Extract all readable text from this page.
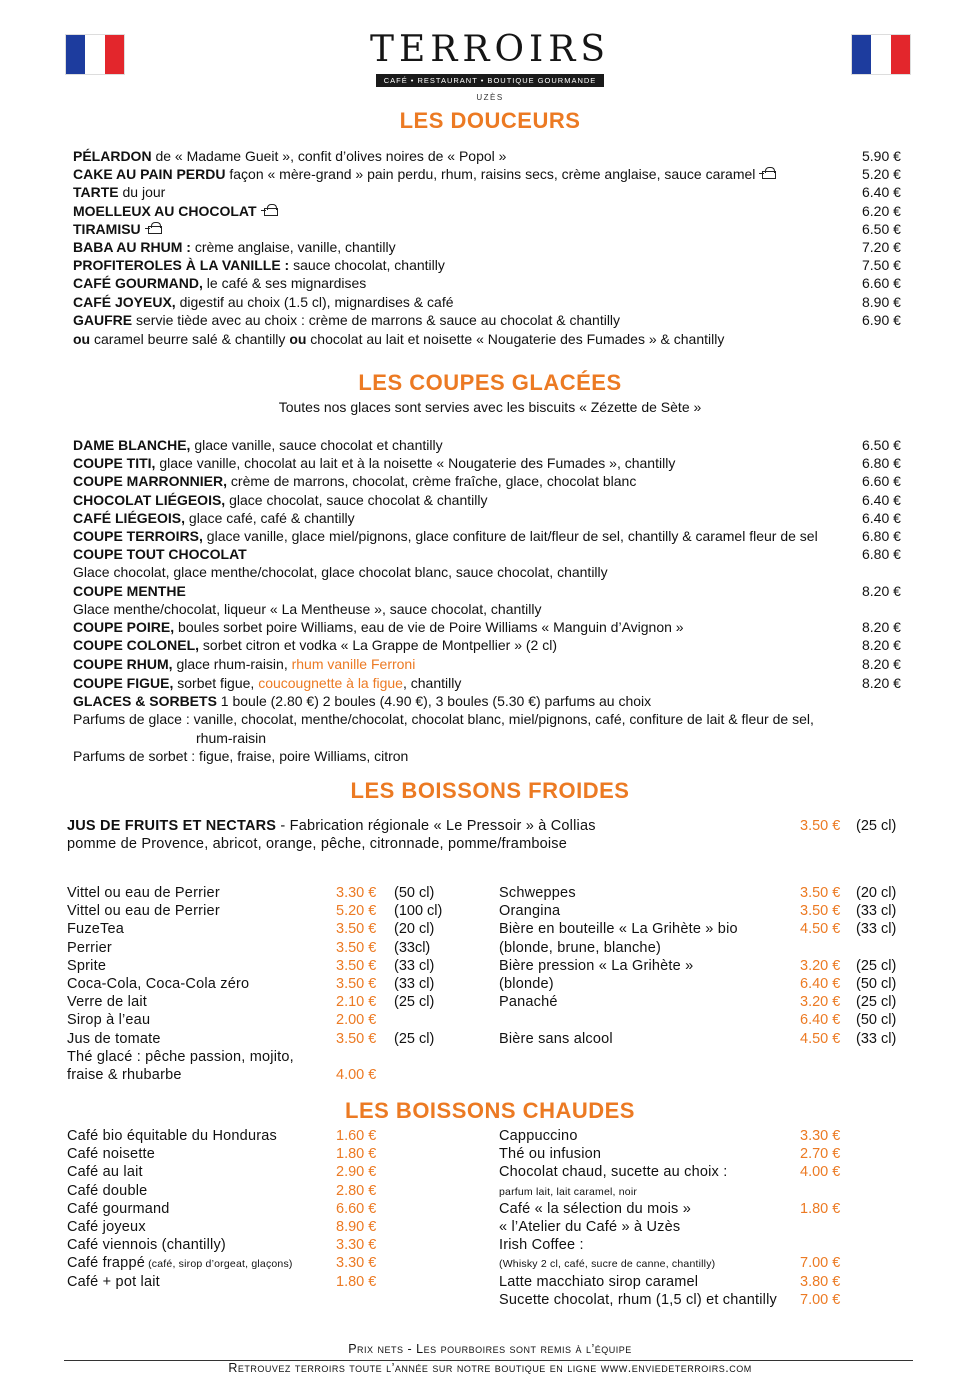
TERROIRS
CAFÉ • RESTAURANT • BOUTIQUE GOURMANDE
UZÈS
LES DOUCEURS
PÉLARDON de « Madame Gueit », confit d’olives noires de « Popol »	5.90 €
CAKE AU PAIN PERDU façon « mère-grand » pain perdu, rhum, raisins secs, crème anglaise, sauce caramel	5.20 €
TARTE du jour	6.40 €
MOELLEUX AU CHOCOLAT	6.20 €
TIRAMISU	6.50 €
BABA AU RHUM : crème anglaise, vanille, chantilly	7.20 €
PROFITEROLES À LA VANILLE : sauce chocolat, chantilly	7.50 €
CAFÉ GOURMAND, le café & ses mignardises	6.60 €
CAFÉ JOYEUX, digestif au choix (1.5 cl), mignardises & café	8.90 €
GAUFRE servie tiède avec au choix : crème de marrons & sauce au chocolat & chantilly	6.90 €
ou caramel beurre salé & chantilly ou chocolat au lait et noisette « Nougaterie des Fumades » & chantilly
LES COUPES GLACÉES
Toutes nos glaces sont servies avec les biscuits « Zézette de Sète »
DAME BLANCHE, glace vanille, sauce chocolat et chantilly	6.50 €
COUPE TITI, glace vanille, chocolat au lait et à la noisette « Nougaterie des Fumades », chantilly	6.80 €
COUPE MARRONNIER, crème de marrons, chocolat, crème fraîche, glace, chocolat blanc	6.60 €
CHOCOLAT LIÉGEOIS, glace chocolat, sauce chocolat & chantilly	6.40 €
CAFÉ LIÉGEOIS, glace café, café & chantilly	6.40 €
COUPE TERROIRS, glace vanille, glace miel/pignons, glace confiture de lait/fleur de sel, chantilly & caramel fleur de sel	6.80 €
COUPE TOUT CHOCOLAT	6.80 €
Glace chocolat, glace menthe/chocolat, glace chocolat blanc, sauce chocolat, chantilly
COUPE MENTHE	8.20 €
Glace menthe/chocolat, liqueur « La Mentheuse », sauce chocolat, chantilly
COUPE POIRE, boules sorbet poire Williams, eau de vie de Poire Williams « Manguin d’Avignon »	8.20 €
COUPE COLONEL, sorbet citron et vodka « La Grappe de Montpellier » (2 cl)	8.20 €
COUPE RHUM, glace rhum-raisin, rhum vanille Ferroni	8.20 €
COUPE FIGUE, sorbet figue, coucougnette à la figue, chantilly	8.20 €
GLACES & SORBETS 1 boule (2.80 €) 2 boules (4.90 €), 3 boules (5.30 €) parfums au choix
Parfums de glace : vanille, chocolat, menthe/chocolat, chocolat blanc, miel/pignons, café, confiture de lait & fleur de sel,
rhum-raisin
Parfums de sorbet : figue, fraise, poire Williams, citron
LES BOISSONS FROIDES
JUS DE FRUITS ET NECTARS - Fabrication régionale « Le Pressoir » à Collias
pomme de Provence, abricot, orange, pêche, citronnade, pomme/framboise
3.50 € (25 cl)
Vittel ou eau de Perrier	3.30 € (50 cl)
Vittel ou eau de Perrier	5.20 € (100 cl)
FuzeTea	3.50 € (20 cl)
Perrier	3.50 € (33cl)
Sprite	3.50 € (33 cl)
Coca-Cola, Coca-Cola zéro	3.50 € (33 cl)
Verre de lait	2.10 € (25 cl)
Sirop à l’eau	2.00 €
Jus de tomate	3.50 € (25 cl)
Thé glacé : pêche passion, mojito,
fraise & rhubarbe	4.00 €
Schweppes	3.50 € (20 cl)
Orangina	3.50 € (33 cl)
Bière en bouteille « La Grihète » bio	4.50 € (33 cl)
(blonde, brune, blanche)
Bière pression « La Grihète »	3.20 € (25 cl)
(blonde)	6.40 € (50 cl)
Panaché	3.20 € (25 cl)
6.40 € (50 cl)
Bière sans alcool	4.50 € (33 cl)
LES BOISSONS CHAUDES
Café bio équitable du Honduras	1.60 €
Café noisette	1.80 €
Café au lait	2.90 €
Café double	2.80 €
Café gourmand	6.60 €
Café joyeux	8.90 €
Café viennois (chantilly)	3.30 €
Café frappé (café, sirop d’orgeat, glaçons)	3.30 €
Café + pot lait	1.80 €
Cappuccino	3.30 €
Thé ou infusion	2.70 €
Chocolat chaud, sucette au choix :	4.00 €
parfum lait, lait caramel, noir
Café « la sélection du mois »	1.80 €
« l’Atelier du Café » à Uzès
Irish Coffee :
(Whisky 2 cl, café, sucre de canne, chantilly)	7.00 €
Latte macchiato sirop caramel	3.80 €
Sucette chocolat, rhum (1,5 cl) et chantilly 7.00 €
Prix nets - Les pourboires sont remis à l’équipe
Retrouvez terroirs toute l’année sur notre boutique en ligne www.enviedeterroirs.com
